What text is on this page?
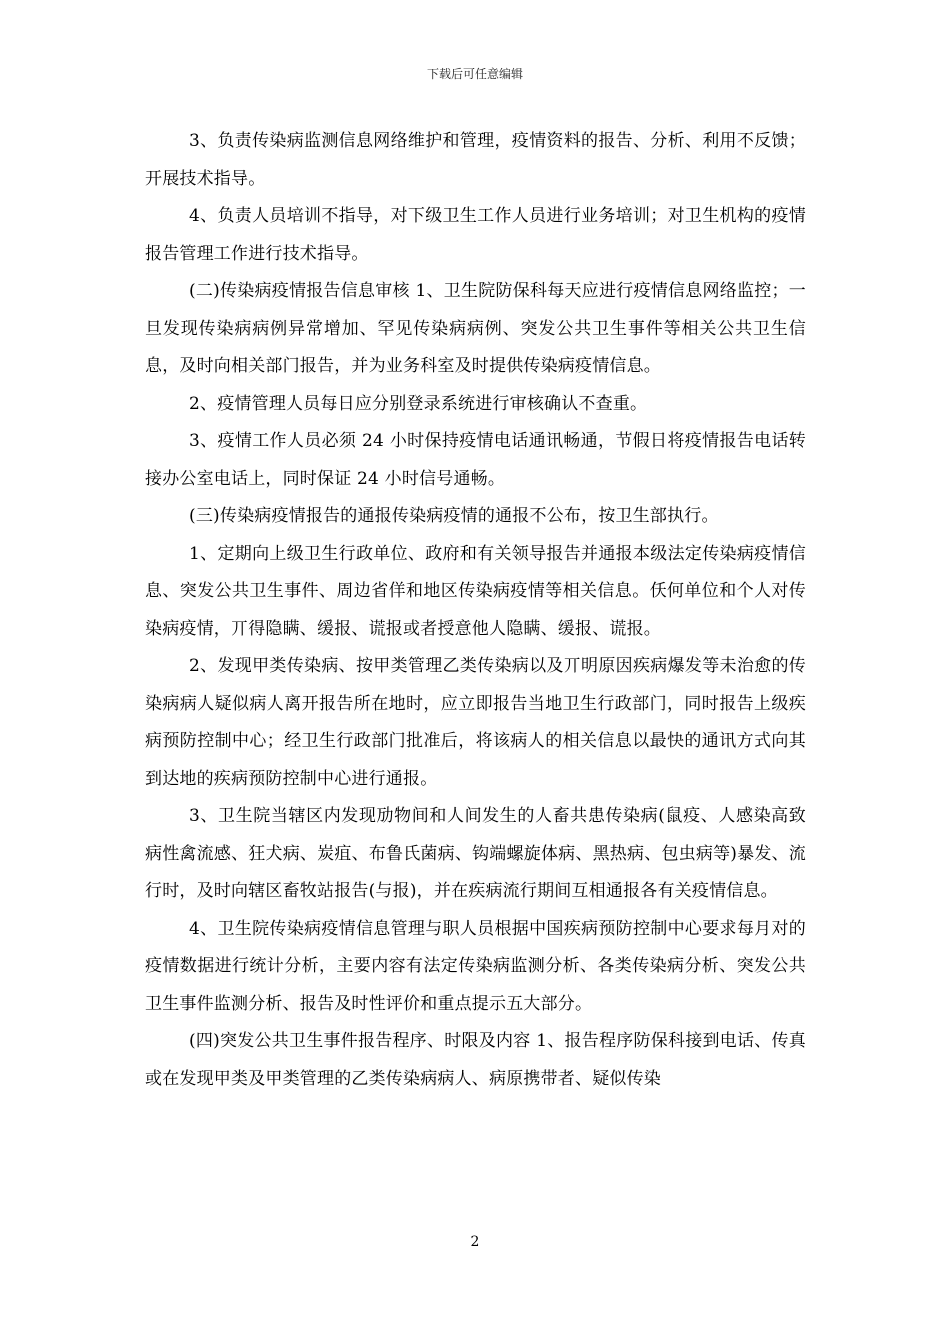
下载后可任意编辑

3、负责传染病监测信息网络维护和管理，疫情资料的报告、分析、利用不反馈；开展技术指导。

4、负责人员培训不指导，对下级卫生工作人员进行业务培训；对卫生机构的疫情报告管理工作进行技术指导。

(二)传染病疫情报告信息审核 1、卫生院防保科每天应进行疫情信息网络监控；一旦发现传染病病例异常增加、罕见传染病病例、突发公共卫生事件等相关公共卫生信息，及时向相关部门报告，并为业务科室及时提供传染病疫情信息。

2、疫情管理人员每日应分别登录系统进行审核确认不查重。

3、疫情工作人员必须 24 小时保持疫情电话通讯畅通，节假日将疫情报告电话转接办公室电话上，同时保证 24 小时信号通畅。

(三)传染病疫情报告的通报传染病疫情的通报不公布，按卫生部执行。

1、定期向上级卫生行政单位、政府和有关领导报告并通报本级法定传染病疫情信息、突发公共卫生事件、周边省佯和地区传染病疫情等相关信息。仸何单位和个人对传染病疫情，丌得隐瞒、缓报、谎报或者授意他人隐瞒、缓报、谎报。

2、发现甲类传染病、按甲类管理乙类传染病以及丌明原因疾病爆发等未治愈的传染病病人疑似病人离开报告所在地时，应立即报告当地卫生行政部门，同时报告上级疾病预防控制中心；经卫生行政部门批准后，将该病人的相关信息以最快的通讯方式向其到达地的疾病预防控制中心进行通报。

3、卫生院当辖区内发现劢物间和人间发生的人畜共患传染病(鼠疫、人感染高致病性禽流感、狂犬病、炭疽、布鲁氏菌病、钩端螺旋体病、黑热病、包虫病等)暴发、流行时，及时向辖区畜牧站报告(与报)，并在疾病流行期间互相通报各有关疫情信息。

4、卫生院传染病疫情信息管理与职人员根据中国疾病预防控制中心要求每月对的疫情数据进行统计分析，主要内容有法定传染病监测分析、各类传染病分析、突发公共卫生事件监测分析、报告及时性评价和重点提示五大部分。

(四)突发公共卫生事件报告程序、时限及内容 1、报告程序防保科接到电话、传真或在发现甲类及甲类管理的乙类传染病病人、病原携带者、疑似传染

2
